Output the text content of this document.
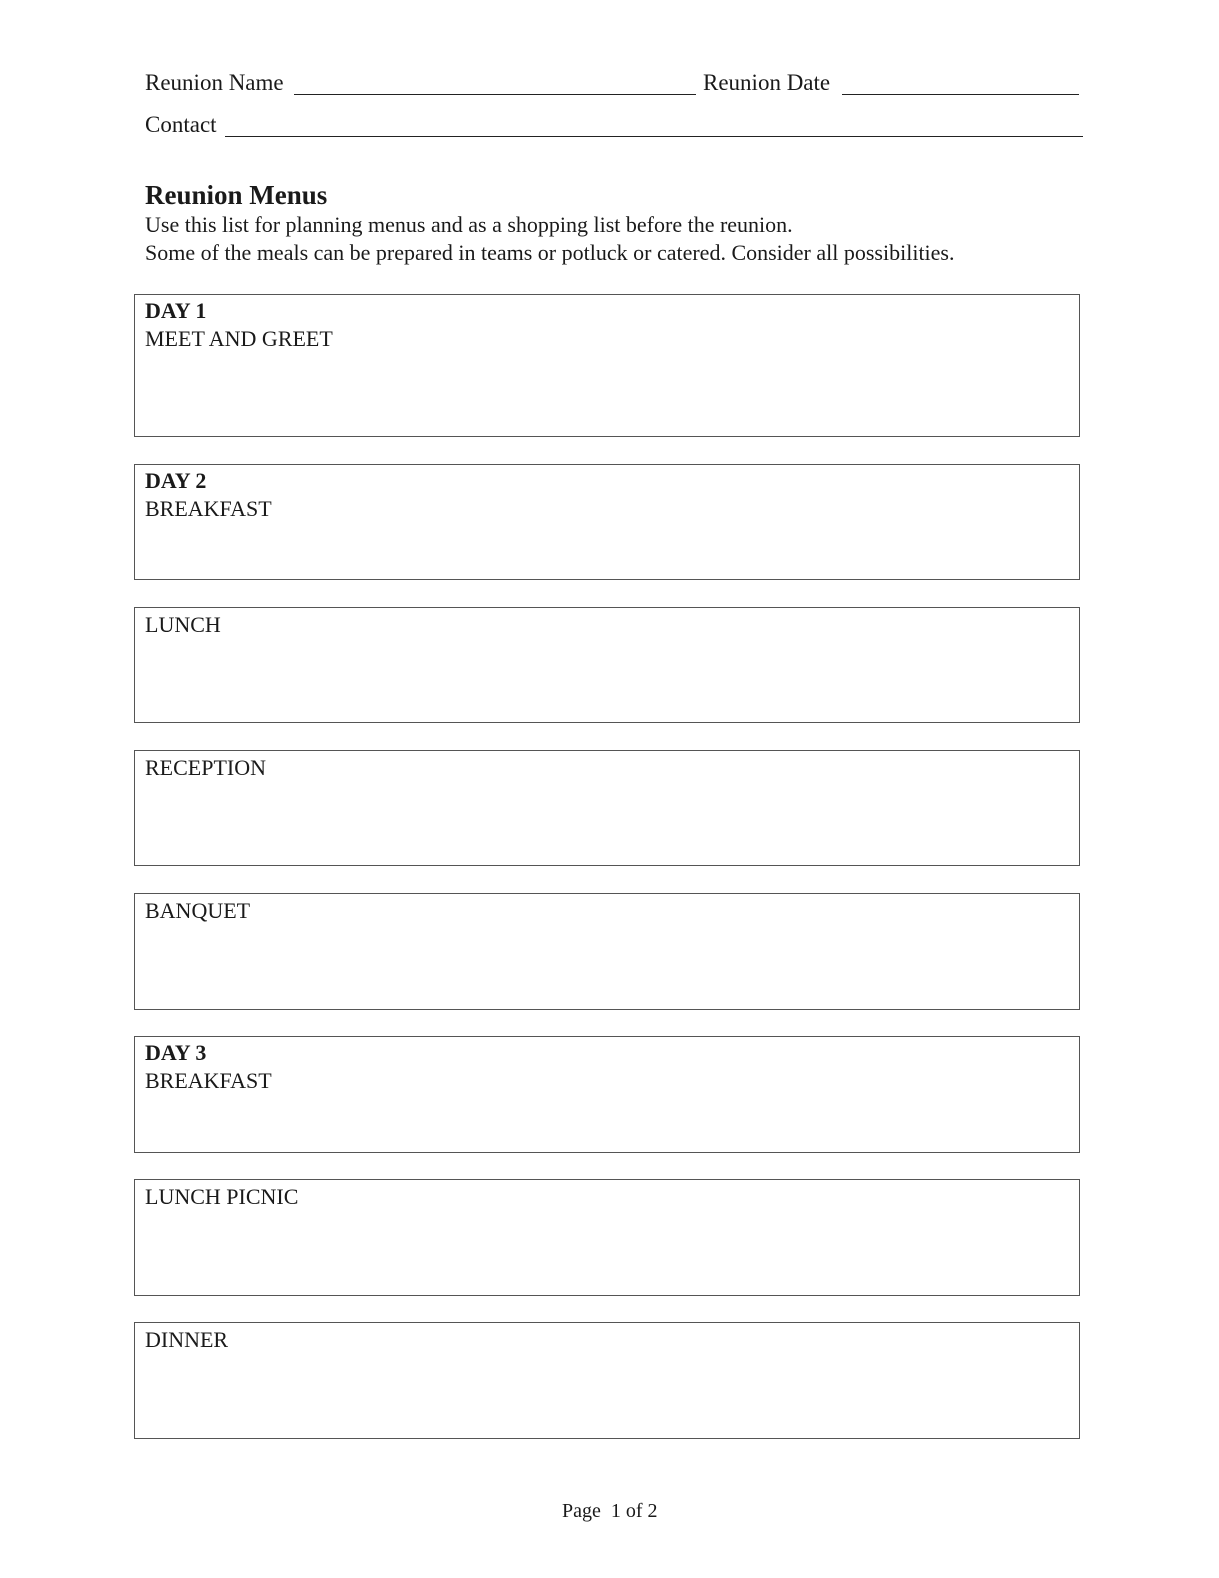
Reunion Name	Reunion Date
Contact
Reunion Menus
Use this list for planning menus and as a shopping list before the reunion.
Some of the meals can be prepared in teams or potluck or catered. Consider all possibilities.
DAY 1
MEET AND GREET
DAY 2
BREAKFAST
LUNCH
RECEPTION
BANQUET
DAY 3
BREAKFAST
LUNCH PICNIC
DINNER
Page  1 of 2
